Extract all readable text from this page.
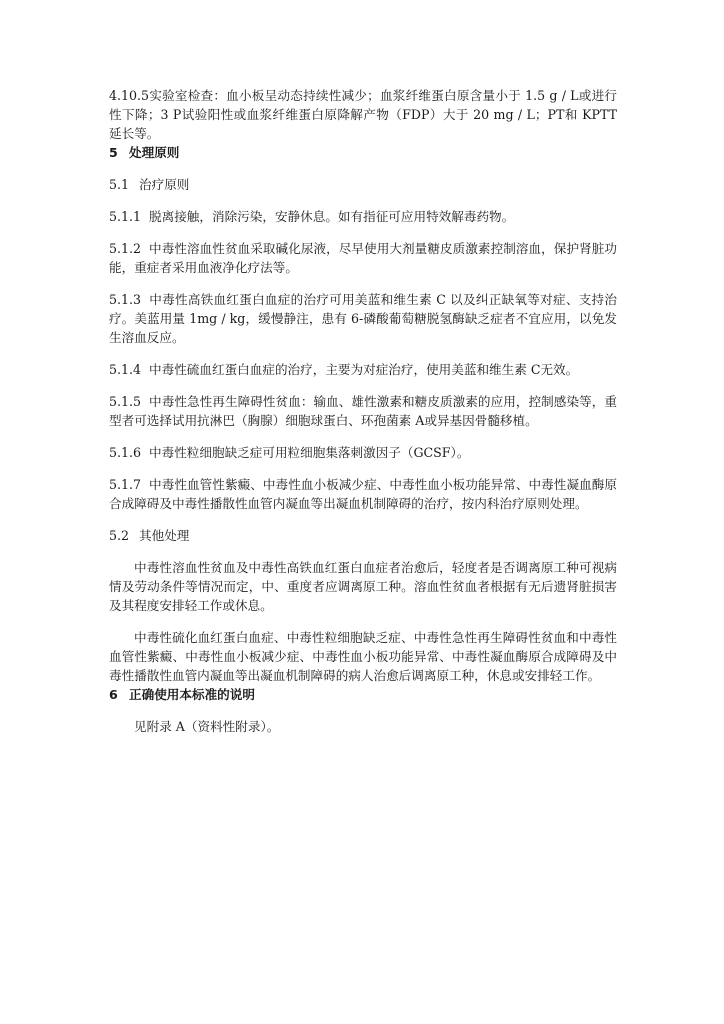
4.10.5实验室检查：血小板呈动态持续性减少；血浆纤维蛋白原含量小于 1.5 g / L或进行性下降；3 P试验阳性或血浆纤维蛋白原降解产物（FDP）大于 20 mg / L；PT和 KPTT延长等。

5 处理原则

5.1 治疗原则

5.1.1 脱离接触，消除污染，安静休息。如有指征可应用特效解毒药物。

5.1.2 中毒性溶血性贫血采取碱化尿液，尽早使用大剂量糖皮质激素控制溶血，保护肾脏功能，重症者采用血液净化疗法等。

5.1.3 中毒性高铁血红蛋白血症的治疗可用美蓝和维生素 C 以及纠正缺氧等对症、支持治疗。美蓝用量 1mg / kg，缓慢静注，患有 6-磷酸葡萄糖脱氢酶缺乏症者不宜应用，以免发生溶血反应。

5.1.4 中毒性硫血红蛋白血症的治疗，主要为对症治疗，使用美蓝和维生素 C无效。

5.1.5 中毒性急性再生障碍性贫血：输血、雄性激素和糖皮质激素的应用，控制感染等，重型者可选择试用抗淋巴（胸腺）细胞球蛋白、环孢菌素 A或异基因骨髓移植。

5.1.6 中毒性粒细胞缺乏症可用粒细胞集落刺激因子（GCSF）。

5.1.7 中毒性血管性紫癜、中毒性血小板减少症、中毒性血小板功能异常、中毒性凝血酶原合成障碍及中毒性播散性血管内凝血等出凝血机制障碍的治疗，按内科治疗原则处理。

5.2 其他处理

中毒性溶血性贫血及中毒性高铁血红蛋白血症者治愈后，轻度者是否调离原工种可视病情及劳动条件等情况而定，中、重度者应调离原工种。溶血性贫血者根据有无后遗肾脏损害及其程度安排轻工作或休息。

中毒性硫化血红蛋白血症、中毒性粒细胞缺乏症、中毒性急性再生障碍性贫血和中毒性血管性紫癜、中毒性血小板减少症、中毒性血小板功能异常、中毒性凝血酶原合成障碍及中毒性播散性血管内凝血等出凝血机制障碍的病人治愈后调离原工种，休息或安排轻工作。

6 正确使用本标准的说明

见附录 A（资料性附录）。
